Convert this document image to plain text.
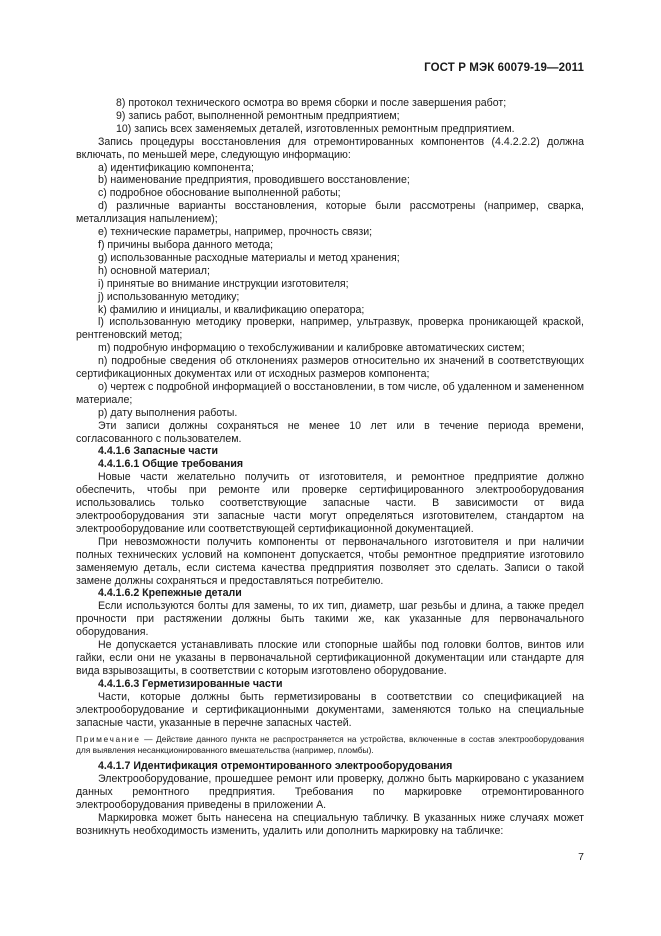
ГОСТ Р МЭК 60079-19—2011

8) протокол технического осмотра во время сборки и после завершения работ;

9) запись работ, выполненной ремонтным предприятием;

10) запись всех заменяемых деталей, изготовленных ремонтным предприятием.

Запись процедуры восстановления для отремонтированных компонентов (4.4.2.2.2) должна включать, по меньшей мере, следующую информацию:

а) идентификацию компонента;

b) наименование предприятия, проводившего восстановление;

с) подробное обоснование выполненной работы;

d) различные варианты восстановления, которые были рассмотрены (например, сварка, металлизация напылением);

е) технические параметры, например, прочность связи;

f) причины выбора данного метода;

g) использованные расходные материалы и метод хранения;

h) основной материал;

i) принятые во внимание инструкции изготовителя;

j) использованную методику;

k) фамилию и инициалы, и квалификацию оператора;

l) использованную методику проверки, например, ультразвук, проверка проникающей краской, рентгеновский метод;

m) подробную информацию о техобслуживании и калибровке автоматических систем;

n) подробные сведения об отклонениях размеров относительно их значений в соответствующих сертификационных документах или от исходных размеров компонента;

о) чертеж с подробной информацией о восстановлении, в том числе, об удаленном и замененном материале;

р) дату выполнения работы.

Эти записи должны сохраняться не менее 10 лет или в течение периода времени, согласованного с пользователем.

4.4.1.6 Запасные части

4.4.1.6.1 Общие требования

Новые части желательно получить от изготовителя, и ремонтное предприятие должно обеспечить, чтобы при ремонте или проверке сертифицированного электрооборудования использовались только соответствующие запасные части. В зависимости от вида электрооборудования эти запасные части могут определяться изготовителем, стандартом на электрооборудование или соответствующей сертификационной документацией.

При невозможности получить компоненты от первоначального изготовителя и при наличии полных технических условий на компонент допускается, чтобы ремонтное предприятие изготовило заменяемую деталь, если система качества предприятия позволяет это сделать. Записи о такой замене должны сохраняться и предоставляться потребителю.

4.4.1.6.2 Крепежные детали

Если используются болты для замены, то их тип, диаметр, шаг резьбы и длина, а также предел прочности при растяжении должны быть такими же, как указанные для первоначального оборудования.

Не допускается устанавливать плоские или стопорные шайбы под головки болтов, винтов или гайки, если они не указаны в первоначальной сертификационной документации или стандарте для вида взрывозащиты, в соответствии с которым изготовлено оборудование.

4.4.1.6.3 Герметизированные части

Части, которые должны быть герметизированы в соответствии со спецификацией на электрооборудование и сертификационными документами, заменяются только на специальные запасные части, указанные в перечне запасных частей.

Примечание — Действие данного пункта не распространяется на устройства, включенные в состав электрооборудования для выявления несанкционированного вмешательства (например, пломбы).

4.4.1.7 Идентификация отремонтированного электрооборудования

Электрооборудование, прошедшее ремонт или проверку, должно быть маркировано с указанием данных ремонтного предприятия. Требования по маркировке отремонтированного электрооборудования приведены в приложении А.

Маркировка может быть нанесена на специальную табличку. В указанных ниже случаях может возникнуть необходимость изменить, удалить или дополнить маркировку на табличке:

7
